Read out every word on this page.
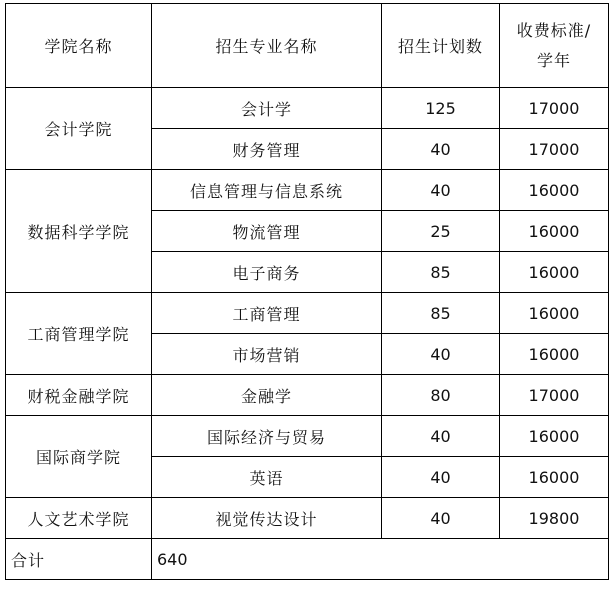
学院名称	招生专业名称	招生计划数	收费标准/
学年

会计学院	会计学	125	17000
	财务管理	40	17000
数据科学学院	信息管理与信息系统	40	16000
	物流管理	25	16000
	电子商务	85	16000
工商管理学院	工商管理	85	16000
	市场营销	40	16000
财税金融学院	金融学	80	17000
国际商学院	国际经济与贸易	40	16000
	英语	40	16000
人文艺术学院	视觉传达设计	40	19800
合计	640		
